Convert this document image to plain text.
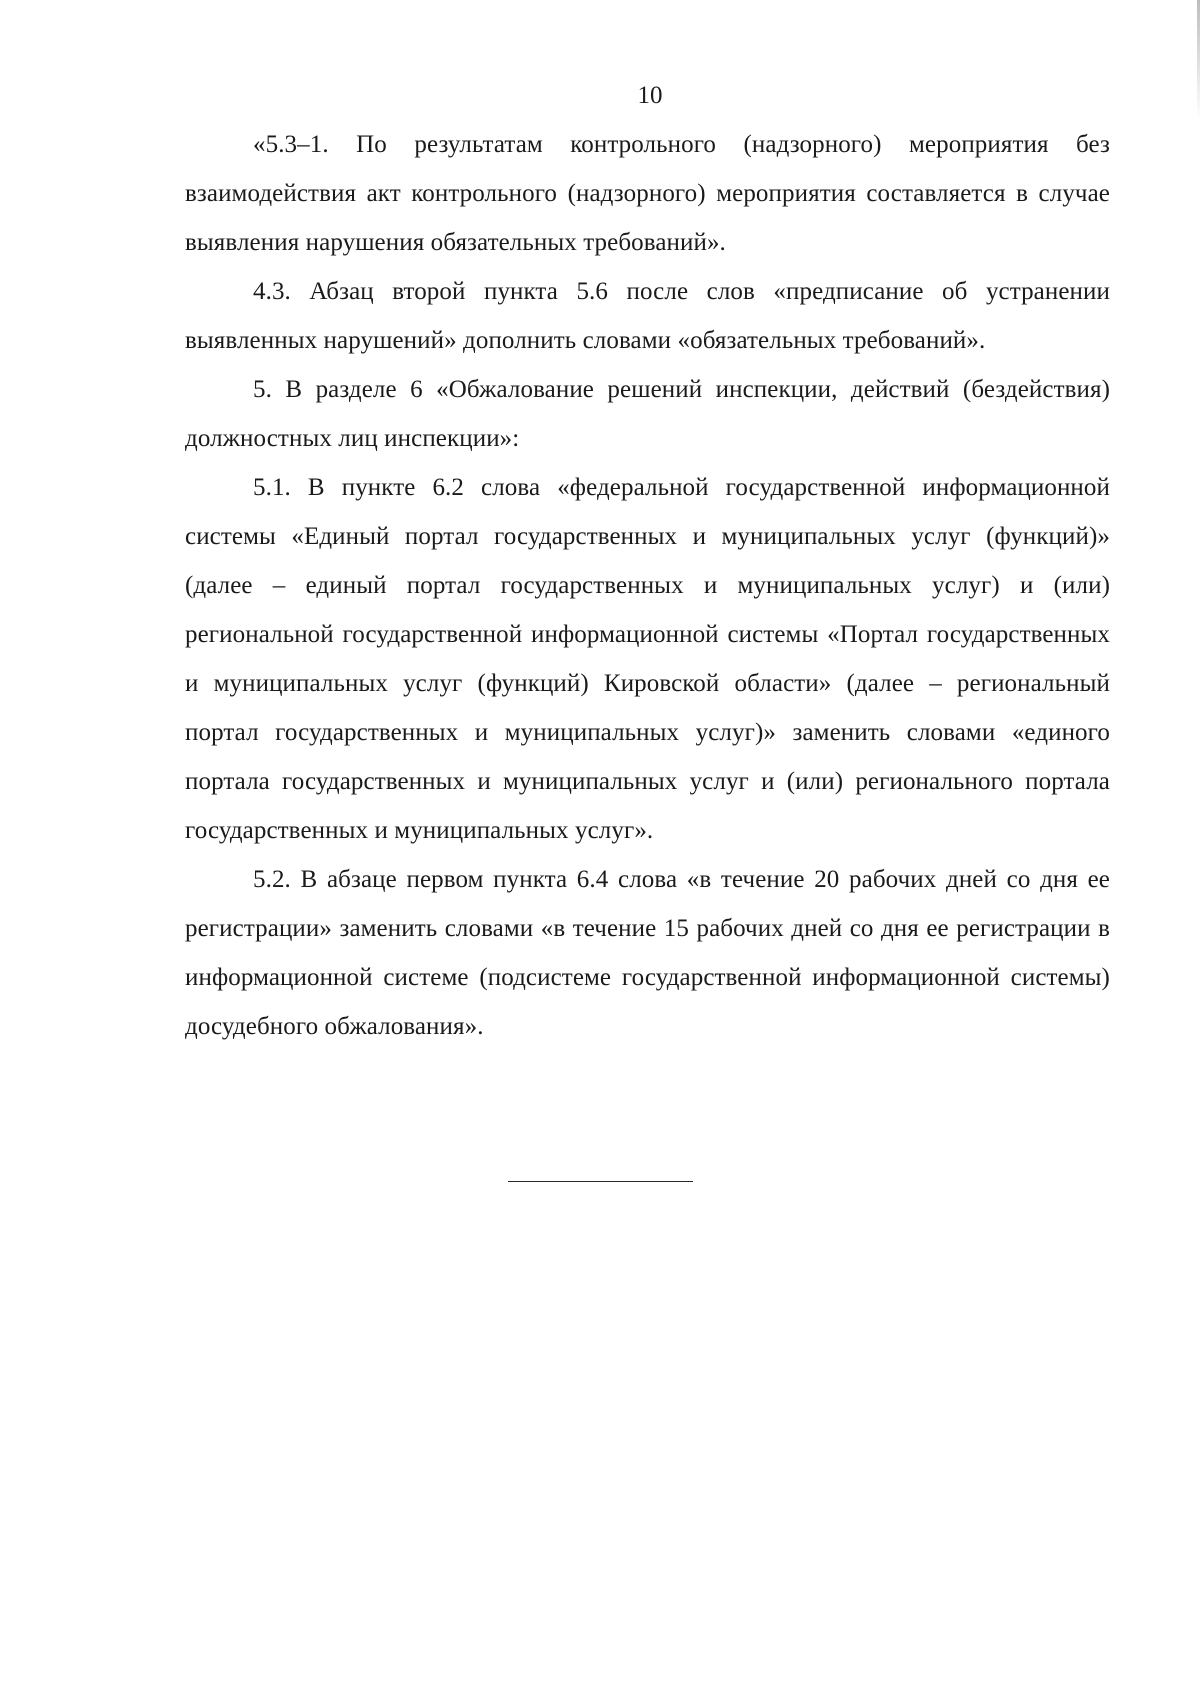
10

«5.3–1. По результатам контрольного (надзорного) мероприятия без взаимодействия акт контрольного (надзорного) мероприятия составляется в случае выявления нарушения обязательных требований».

4.3. Абзац второй пункта 5.6 после слов «предписание об устранении выявленных нарушений» дополнить словами «обязательных требований».

5. В разделе 6 «Обжалование решений инспекции, действий (бездействия) должностных лиц инспекции»:

5.1. В пункте 6.2 слова «федеральной государственной информационной системы «Единый портал государственных и муниципальных услуг (функций)» (далее – единый портал государственных и муниципальных услуг) и (или) региональной государственной информационной системы «Портал государственных и муниципальных услуг (функций) Кировской области» (далее – региональный портал государственных и муниципальных услуг)» заменить словами «единого портала государственных и муниципальных услуг и (или) регионального портала государственных и муниципальных услуг».

5.2. В абзаце первом пункта 6.4 слова «в течение 20 рабочих дней со дня ее регистрации» заменить словами «в течение 15 рабочих дней со дня ее регистрации в информационной системе (подсистеме государственной информационной системы) досудебного обжалования».
